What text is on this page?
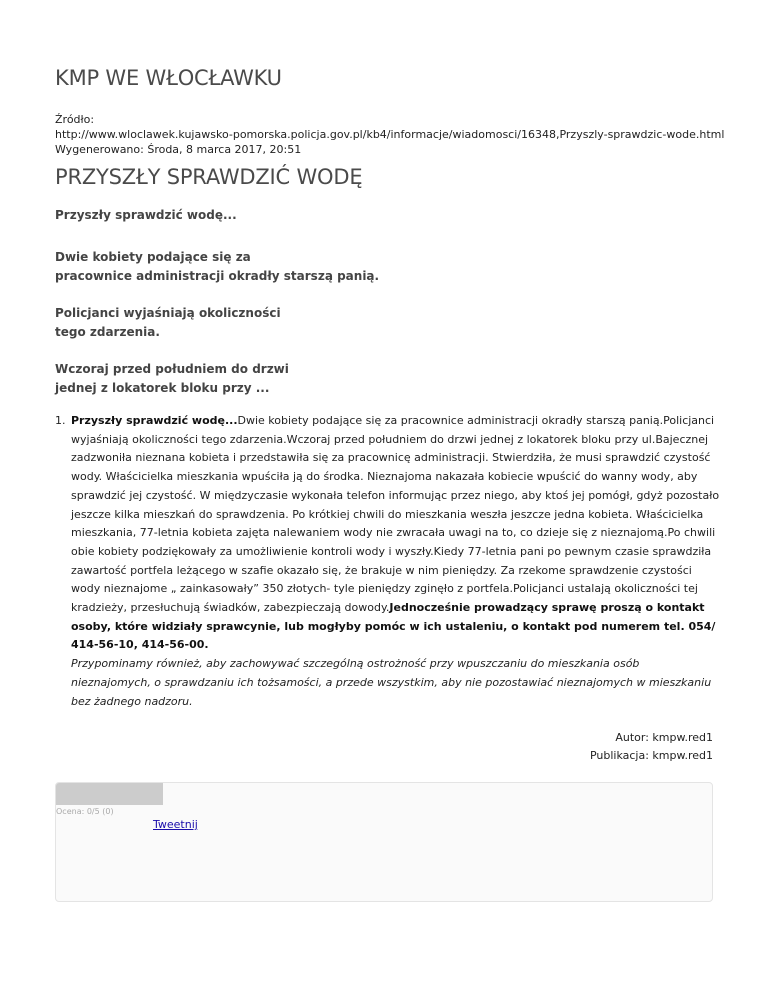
KMP WE WŁOCŁAWKU
Źródło:
http://www.wloclawek.kujawsko-pomorska.policja.gov.pl/kb4/informacje/wiadomosci/16348,Przyszly-sprawdzic-wode.html
Wygenerowano: Środa, 8 marca 2017, 20:51
PRZYSZŁY SPRAWDZIĆ WODĘ
Przyszły sprawdzić wodę...
Dwie kobiety podające się za
pracownice administracji okradły starszą panią.
Policjanci wyjaśniają okoliczności
tego zdarzenia.
Wczoraj przed południem do drzwi
jednej z lokatorek bloku przy ...
1. Przyszły sprawdzić wodę...Dwie kobiety podające się za pracownice administracji okradły starszą panią.Policjanci wyjaśniają okoliczności tego zdarzenia.Wczoraj przed południem do drzwi jednej z lokatorek bloku przy ul.Bajecznej zadzwoniła nieznana kobieta i przedstawiła się za pracownicę administracji. Stwierdziła, że musi sprawdzić czystość wody. Właścicielka mieszkania wpuściła ją do środka. Nieznajoma nakazała kobiecie wpuścić do wanny wody, aby sprawdzić jej czystość. W międzyczasie wykonała telefon informując przez niego, aby ktoś jej pomógł, gdyż pozostało jeszcze kilka mieszkań do sprawdzenia. Po krótkiej chwili do mieszkania weszła jeszcze jedna kobieta. Właścicielka mieszkania, 77-letnia kobieta zajęta nalewaniem wody nie zwracała uwagi na to, co dzieje się z nieznajomą.Po chwili obie kobiety podziękowały za umożliwienie kontroli wody i wyszły.Kiedy 77-letnia pani po pewnym czasie sprawdziła zawartość portfela leżącego w szafie okazało się, że brakuje w nim pieniędzy. Za rzekome sprawdzenie czystości wody nieznajome „ zainkasowały” 350 złotych- tyle pieniędzy zginęło z portfela.Policjanci ustalają okoliczności tej kradzieży, przesłuchują świadków, zabezpieczają dowody.Jednocześnie prowadzący sprawę proszą o kontakt osoby, które widziały sprawcynie, lub mogłyby pomóc w ich ustaleniu, o kontakt pod numerem tel. 054/ 414-56-10, 414-56-00.
Przypominamy również, aby zachowywać szczególną ostrożność przy wpuszczaniu do mieszkania osób nieznajomych, o sprawdzaniu ich tożsamości, a przede wszystkim, aby nie pozostawiać nieznajomych w mieszkaniu bez żadnego nadzoru.
Autor: kmpw.red1
Publikacja: kmpw.red1
Ocena: 0/5 (0)
Tweetnij
